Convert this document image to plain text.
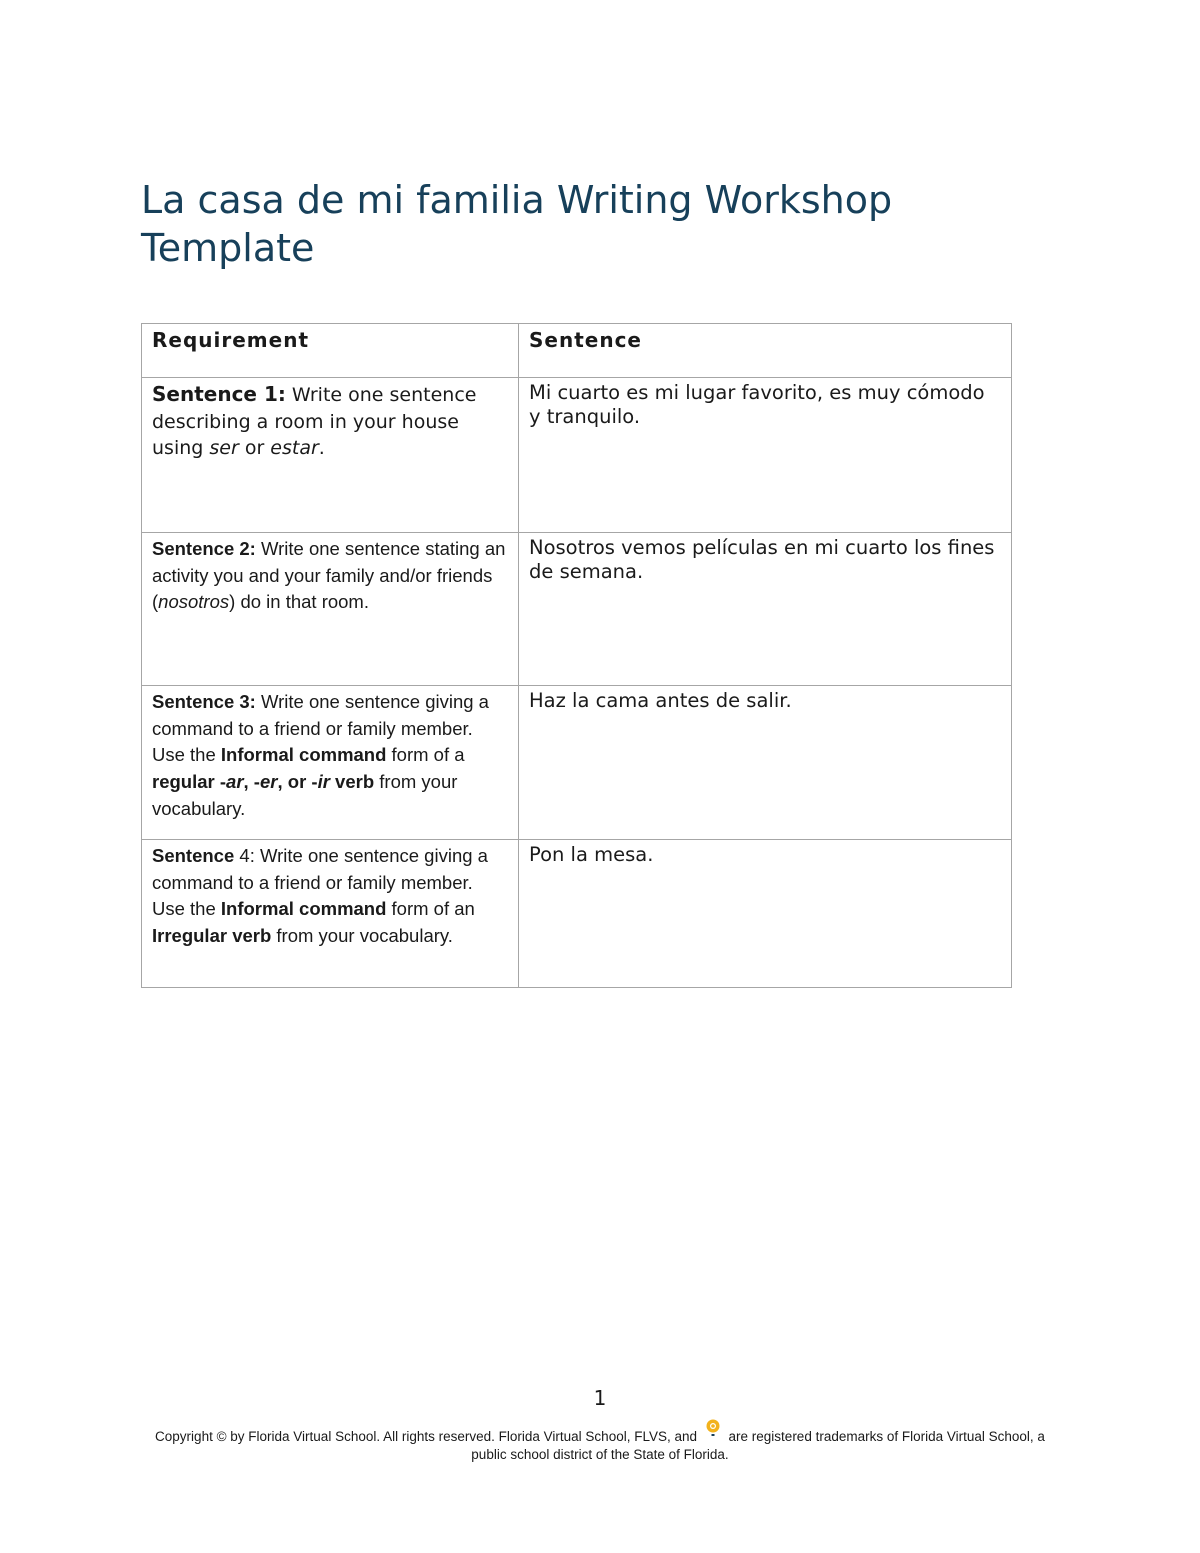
La casa de mi familia Writing Workshop Template
Requirement	Sentence
Sentence 1: Write one sentence describing a room in your house using ser or estar.	Mi cuarto es mi lugar favorito, es muy cómodo y tranquilo.
Sentence 2: Write one sentence stating an activity you and your family and/or friends (nosotros) do in that room.	Nosotros vemos películas en mi cuarto los fines de semana.
Sentence 3: Write one sentence giving a command to a friend or family member. Use the Informal command form of a regular -ar, -er, or -ir verb from your vocabulary.	Haz la cama antes de salir.
Sentence 4: Write one sentence giving a command to a friend or family member. Use the Informal command form of an Irregular verb from your vocabulary.	Pon la mesa.
1
Copyright © by Florida Virtual School. All rights reserved. Florida Virtual School, FLVS, and are registered trademarks of Florida Virtual School, a public school district of the State of Florida.
